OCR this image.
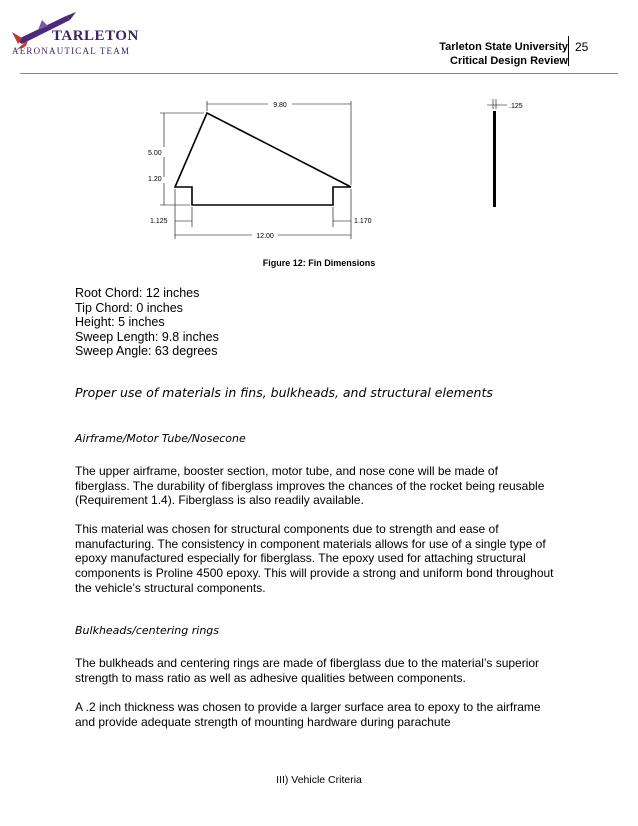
TARLETON
AERONAUTICAL TEAM	Tarleton State University
Critical Design Review
25
9.80
5.00
1.20
1.125	1.170
12.00
.125
Figure 12: Fin Dimensions
Root Chord: 12 inches
Tip Chord: 0 inches
Height: 5 inches
Sweep Length: 9.8 inches
Sweep Angle: 63 degrees
Proper use of materials in fins, bulkheads, and structural elements
Airframe/Motor Tube/Nosecone
The upper airframe, booster section, motor tube, and nose cone will be made of fiberglass. The durability of fiberglass improves the chances of the rocket being reusable (Requirement 1.4). Fiberglass is also readily available.
This material was chosen for structural components due to strength and ease of manufacturing. The consistency in component materials allows for use of a single type of epoxy manufactured especially for fiberglass. The epoxy used for attaching structural components is Proline 4500 epoxy. This will provide a strong and uniform bond throughout the vehicle’s structural components.
Bulkheads/centering rings
The bulkheads and centering rings are made of fiberglass due to the material’s superior strength to mass ratio as well as adhesive qualities between components.
A .2 inch thickness was chosen to provide a larger surface area to epoxy to the airframe and provide adequate strength of mounting hardware during parachute
III) Vehicle Criteria
